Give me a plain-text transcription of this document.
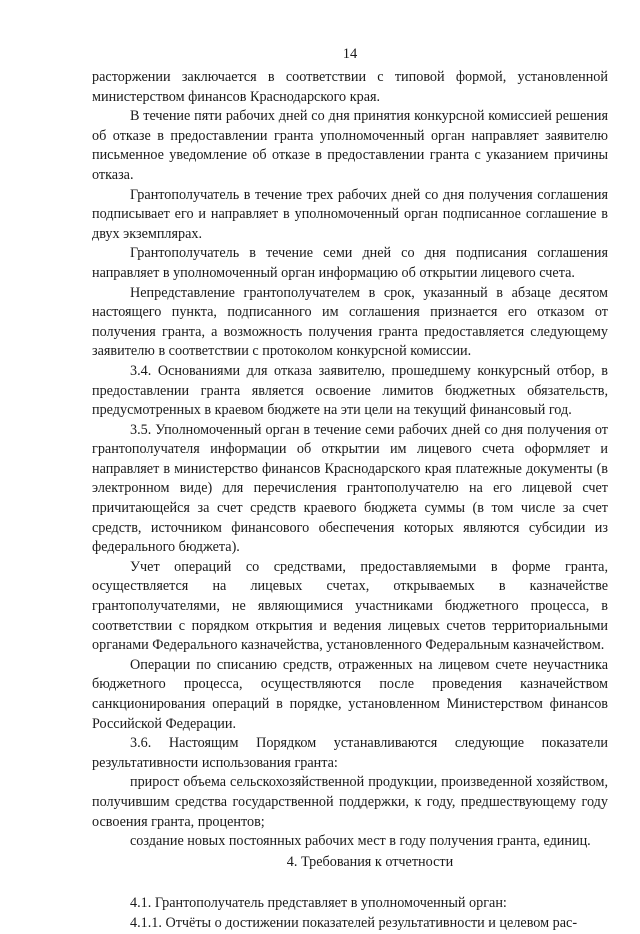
14

расторжении заключается в соответствии с типовой формой, установленной министерством финансов Краснодарского края.

В течение пяти рабочих дней со дня принятия конкурсной комиссией решения об отказе в предоставлении гранта уполномоченный орган направляет заявителю письменное уведомление об отказе в предоставлении гранта с указанием причины отказа.

Грантополучатель в течение трех рабочих дней со дня получения соглашения подписывает его и направляет в уполномоченный орган подписанное соглашение в двух экземплярах.

Грантополучатель в течение семи дней со дня подписания соглашения направляет в уполномоченный орган информацию об открытии лицевого счета.

Непредставление грантополучателем в срок, указанный в абзаце десятом настоящего пункта, подписанного им соглашения признается его отказом от получения гранта, а возможность получения гранта предоставляется следующему заявителю в соответствии с протоколом конкурсной комиссии.

3.4. Основаниями для отказа заявителю, прошедшему конкурсный отбор, в предоставлении гранта является освоение лимитов бюджетных обязательств, предусмотренных в краевом бюджете на эти цели на текущий финансовый год.

3.5. Уполномоченный орган в течение семи рабочих дней со дня получения от грантополучателя информации об открытии им лицевого счета оформляет и направляет в министерство финансов Краснодарского края платежные документы (в электронном виде) для перечисления грантополучателю на его лицевой счет причитающейся за счет средств краевого бюджета суммы (в том числе за счет средств, источником финансового обеспечения которых являются субсидии из федерального бюджета).

Учет операций со средствами, предоставляемыми в форме гранта, осуществляется на лицевых счетах, открываемых в казначействе грантополучателями, не являющимися участниками бюджетного процесса, в соответствии с порядком открытия и ведения лицевых счетов территориальными органами Федерального казначейства, установленного Федеральным казначейством.

Операции по списанию средств, отраженных на лицевом счете неучастника бюджетного процесса, осуществляются после проведения казначейством санкционирования операций в порядке, установленном Министерством финансов Российской Федерации.

3.6. Настоящим Порядком устанавливаются следующие показатели результативности использования гранта:

прирост объема сельскохозяйственной продукции, произведенной хозяйством, получившим средства государственной поддержки, к году, предшествующему году освоения гранта, процентов;

создание новых постоянных рабочих мест в году получения гранта, единиц.

4. Требования к отчетности

4.1. Грантополучатель представляет в уполномоченный орган:

4.1.1. Отчёты о достижении показателей результативности и целевом рас-
